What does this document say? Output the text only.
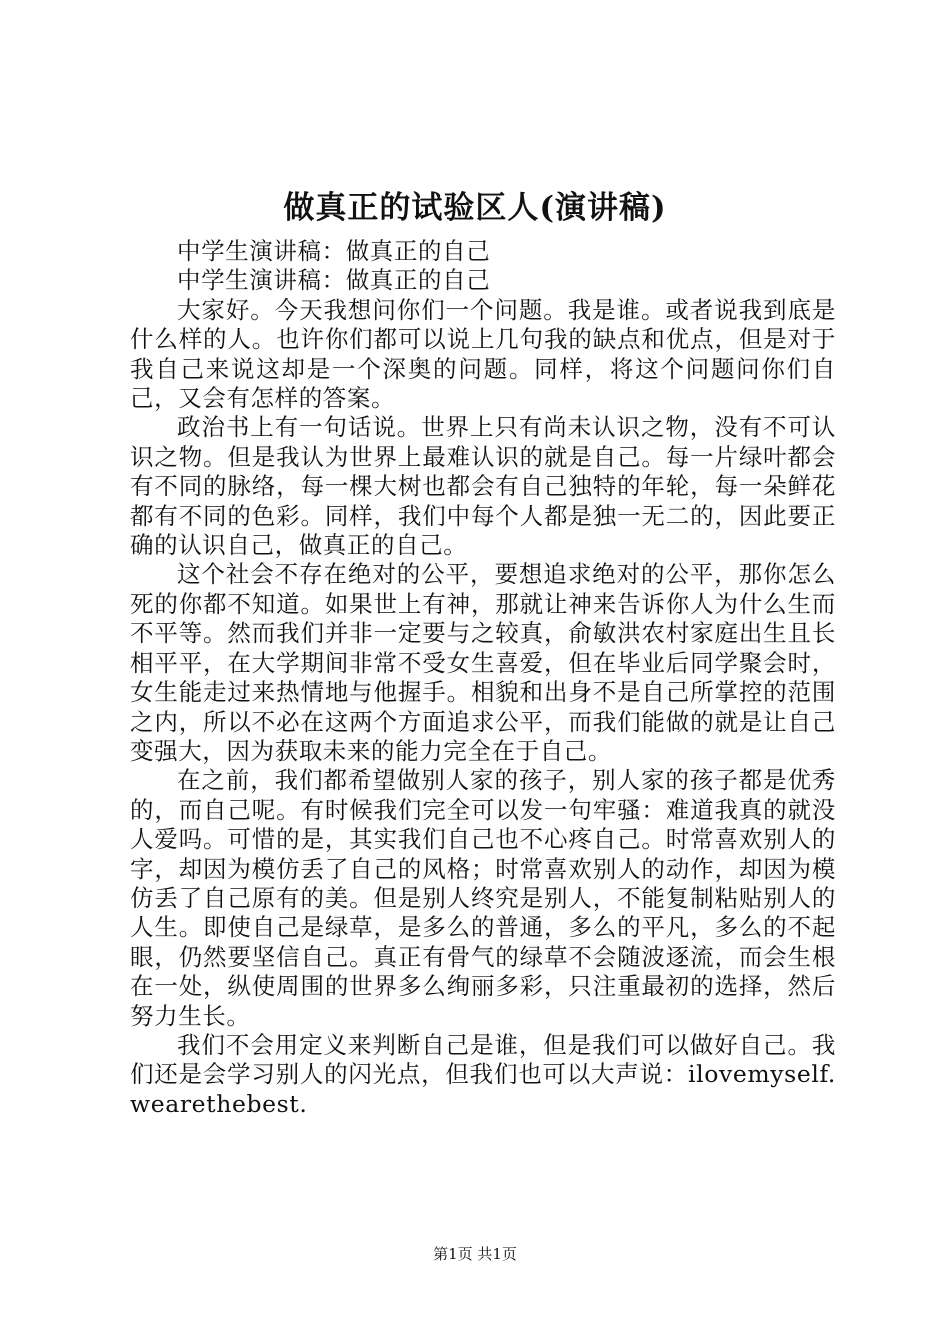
做真正的试验区人(演讲稿)

中学生演讲稿：做真正的自己

中学生演讲稿：做真正的自己

大家好。今天我想问你们一个问题。我是谁。或者说我到底是什么样的人。也许你们都可以说上几句我的缺点和优点，但是对于我自己来说这却是一个深奥的问题。同样，将这个问题问你们自己，又会有怎样的答案。

政治书上有一句话说。世界上只有尚未认识之物，没有不可认识之物。但是我认为世界上最难认识的就是自己。每一片绿叶都会有不同的脉络，每一棵大树也都会有自己独特的年轮，每一朵鲜花都有不同的色彩。同样，我们中每个人都是独一无二的，因此要正确的认识自己，做真正的自己。

这个社会不存在绝对的公平，要想追求绝对的公平，那你怎么死的你都不知道。如果世上有神，那就让神来告诉你人为什么生而不平等。然而我们并非一定要与之较真，俞敏洪农村家庭出生且长相平平，在大学期间非常不受女生喜爱，但在毕业后同学聚会时，女生能走过来热情地与他握手。相貌和出身不是自己所掌控的范围之内，所以不必在这两个方面追求公平，而我们能做的就是让自己变强大，因为获取未来的能力完全在于自己。

在之前，我们都希望做别人家的孩子，别人家的孩子都是优秀的，而自己呢。有时候我们完全可以发一句牢骚：难道我真的就没人爱吗。可惜的是，其实我们自己也不心疼自己。时常喜欢别人的字，却因为模仿丢了自己的风格；时常喜欢别人的动作，却因为模仿丢了自己原有的美。但是别人终究是别人，不能复制粘贴别人的人生。即使自己是绿草，是多么的普通，多么的平凡，多么的不起眼，仍然要坚信自己。真正有骨气的绿草不会随波逐流，而会生根在一处，纵使周围的世界多么绚丽多彩，只注重最初的选择，然后努力生长。

我们不会用定义来判断自己是谁，但是我们可以做好自己。我们还是会学习别人的闪光点，但我们也可以大声说：ilovemyself.wearethebest.

第1页 共1页
